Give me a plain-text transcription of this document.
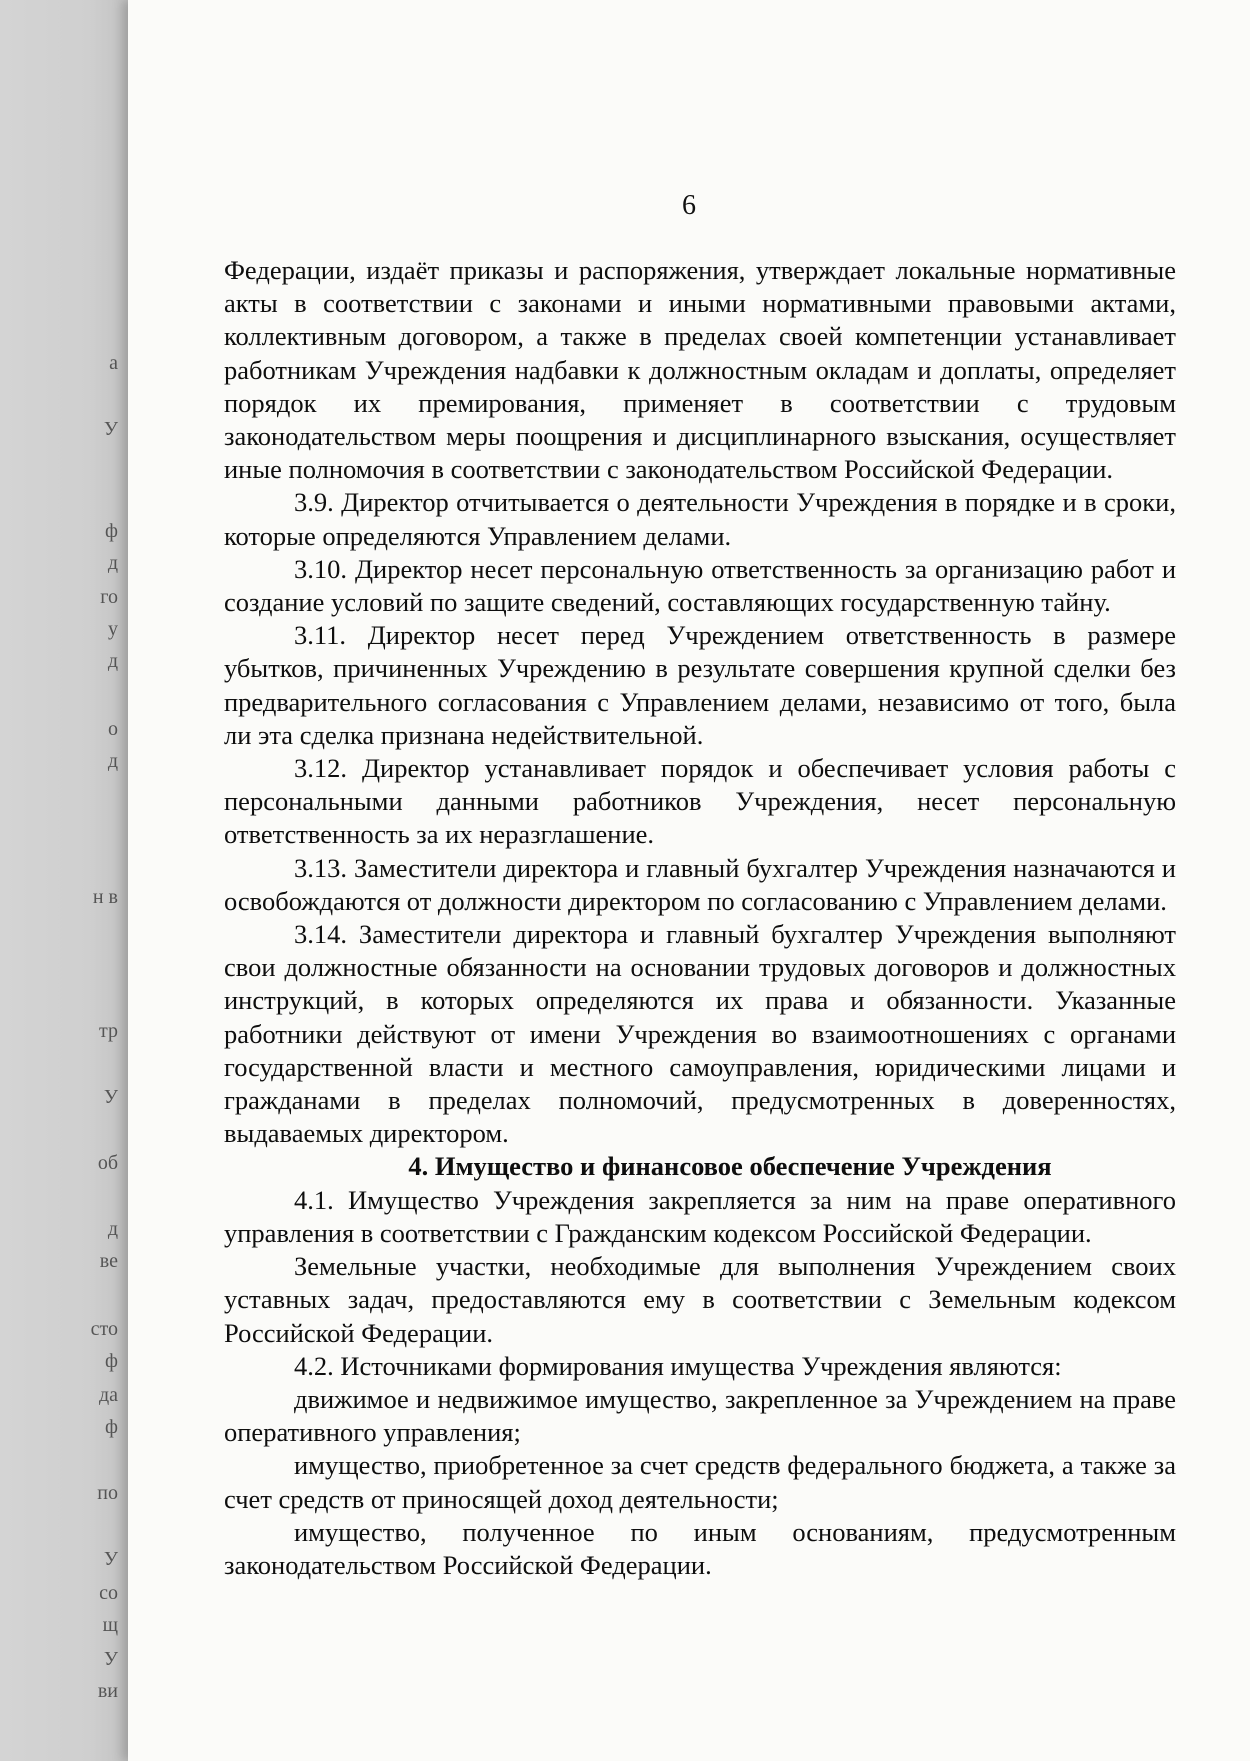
а
У
ф
д
го
у
д
о
д
н в
тр
У
об
д
ве
сто
ф
да
ф
по
У
со
щ
У
ви
6

Федерации, издаёт приказы и распоряжения, утверждает локальные нормативные акты в соответствии с законами и иными нормативными правовыми актами, коллективным договором, а также в пределах своей компетенции устанавливает работникам Учреждения надбавки к должностным окладам и доплаты, определяет порядок их премирования, применяет в соответствии с трудовым законодательством меры поощрения и дисциплинарного взыскания, осуществляет иные полномочия в соответствии с законодательством Российской Федерации.

3.9. Директор отчитывается о деятельности Учреждения в порядке и в сроки, которые определяются Управлением делами.

3.10. Директор несет персональную ответственность за организацию работ и создание условий по защите сведений, составляющих государственную тайну.

3.11. Директор несет перед Учреждением ответственность в размере убытков, причиненных Учреждению в результате совершения крупной сделки без предварительного согласования с Управлением делами, независимо от того, была ли эта сделка признана недействительной.

3.12. Директор устанавливает порядок и обеспечивает условия работы с персональными данными работников Учреждения, несет персональную ответственность за их неразглашение.

3.13. Заместители директора и главный бухгалтер Учреждения назначаются и освобождаются от должности директором по согласованию с Управлением делами.

3.14. Заместители директора и главный бухгалтер Учреждения выполняют свои должностные обязанности на основании трудовых договоров и должностных инструкций, в которых определяются их права и обязанности. Указанные работники действуют от имени Учреждения во взаимоотношениях с органами государственной власти и местного самоуправления, юридическими лицами и гражданами в пределах полномочий, предусмотренных в доверенностях, выдаваемых директором.

4. Имущество и финансовое обеспечение Учреждения

4.1. Имущество Учреждения закрепляется за ним на праве оперативного управления в соответствии с Гражданским кодексом Российской Федерации.

Земельные участки, необходимые для выполнения Учреждением своих уставных задач, предоставляются ему в соответствии с Земельным кодексом Российской Федерации.

4.2. Источниками формирования имущества Учреждения являются:

движимое и недвижимое имущество, закрепленное за Учреждением на праве оперативного управления;

имущество, приобретенное за счет средств федерального бюджета, а также за счет средств от приносящей доход деятельности;

имущество, полученное по иным основаниям, предусмотренным законодательством Российской Федерации.
